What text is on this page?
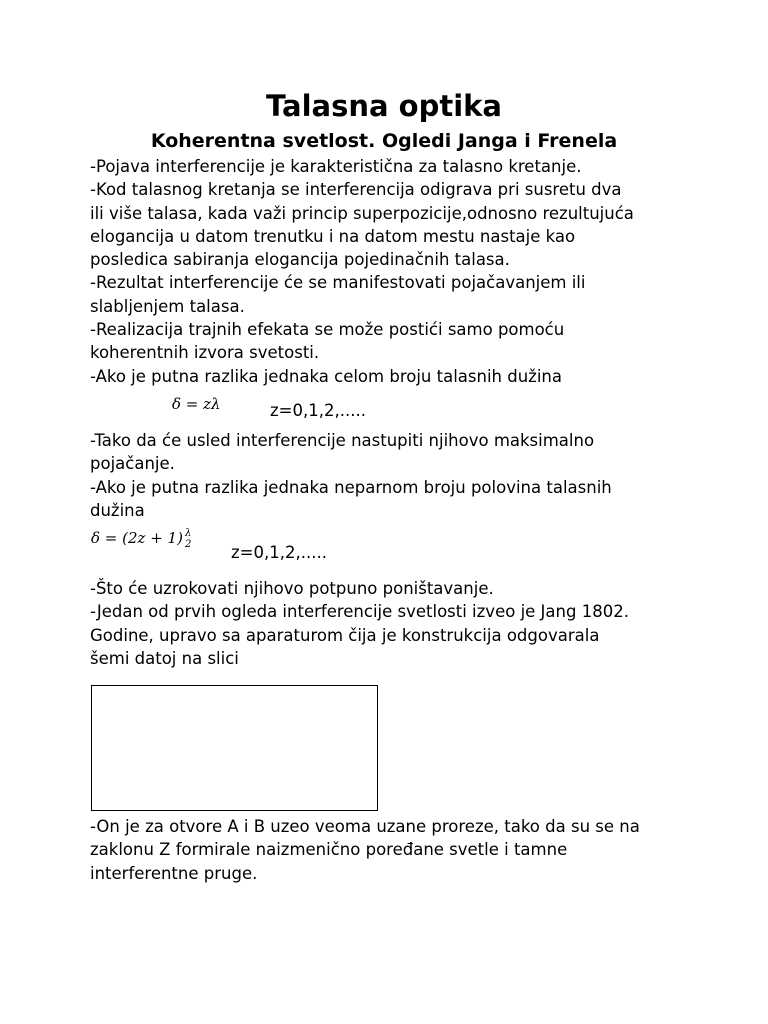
Talasna optika
Koherentna svetlost. Ogledi Janga i Frenela
-Pojava interferencije je karakteristična za talasno kretanje.
-Kod talasnog kretanja se interferencija odigrava pri susretu dva
ili više talasa, kada važi princip superpozicije,odnosno rezultujuća
elogancija u datom trenutku i na datom mestu nastaje kao
posledica sabiranja elogancija pojedinačnih talasa.
-Rezultat interferencije će se manifestovati pojačavanjem ili
slabljenjem talasa.
-Realizacija trajnih efekata se može postići samo pomoću
koherentnih izvora svetosti.
-Ako je putna razlika jednaka celom broju talasnih dužina
δ = zλ	z=0,1,2,.....
-Tako da će usled interferencije nastupiti njihovo maksimalno
pojačanje.
-Ako je putna razlika jednaka neparnom broju polovina talasnih
dužina
δ = (2z + 1) λ
2 z=0,1,2,.....
-Što će uzrokovati njihovo potpuno poništavanje.
-Jedan od prvih ogleda interferencije svetlosti izveo je Jang 1802.
Godine, upravo sa aparaturom čija je konstrukcija odgovarala
šemi datoj na slici
-On je za otvore A i B uzeo veoma uzane proreze, tako da su se na
zaklonu Z formirale naizmenično poređane svetle i tamne
interferentne pruge.
